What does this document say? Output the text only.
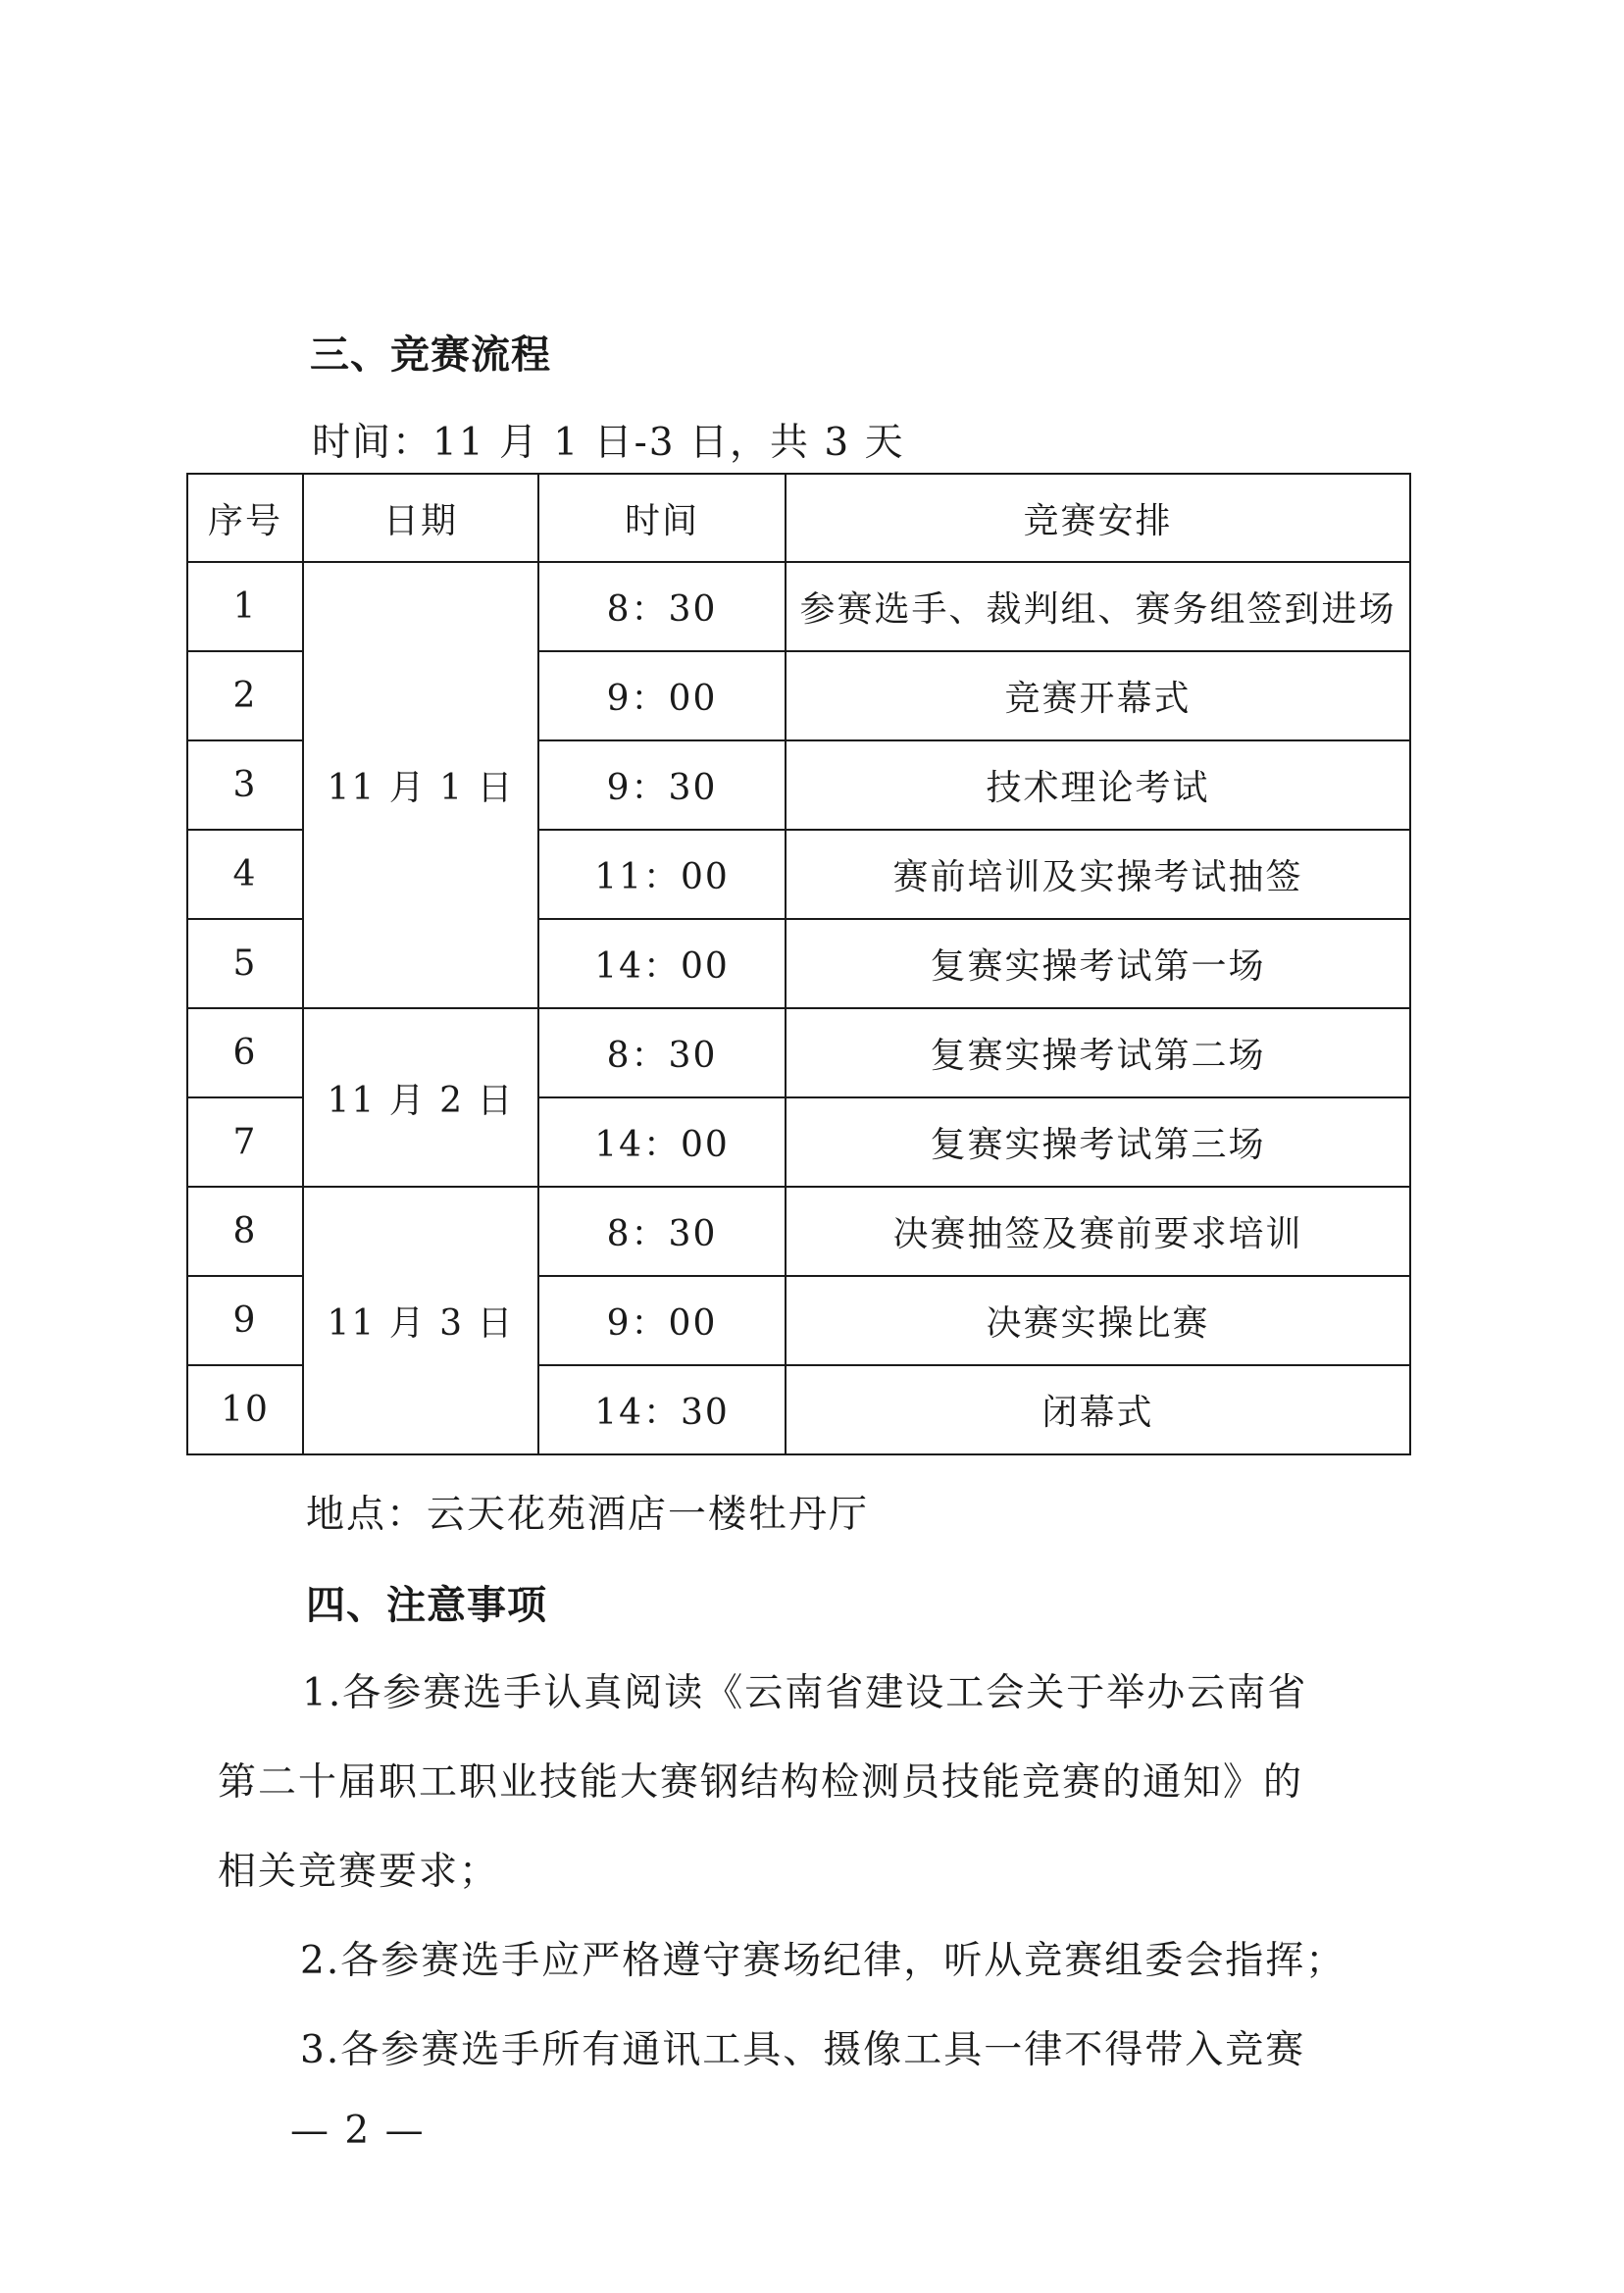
三、竞赛流程
时间：11 月 1 日-3 日，共 3 天
序号	日期	时间	竞赛安排
1	11 月 1 日	8：30	参赛选手、裁判组、赛务组签到进场
2		9：00	竞赛开幕式
3		9：30	技术理论考试
4		11：00	赛前培训及实操考试抽签
5		14：00	复赛实操考试第一场
6	11 月 2 日	8：30	复赛实操考试第二场
7		14：00	复赛实操考试第三场
8	11 月 3 日	8：30	决赛抽签及赛前要求培训
9		9：00	决赛实操比赛
10		14：30	闭幕式
地点：云天花苑酒店一楼牡丹厅
四、注意事项
1.各参赛选手认真阅读《云南省建设工会关于举办云南省
第二十届职工职业技能大赛钢结构检测员技能竞赛的通知》的
相关竞赛要求；
2.各参赛选手应严格遵守赛场纪律，听从竞赛组委会指挥；
3.各参赛选手所有通讯工具、摄像工具一律不得带入竞赛
— 2 —
